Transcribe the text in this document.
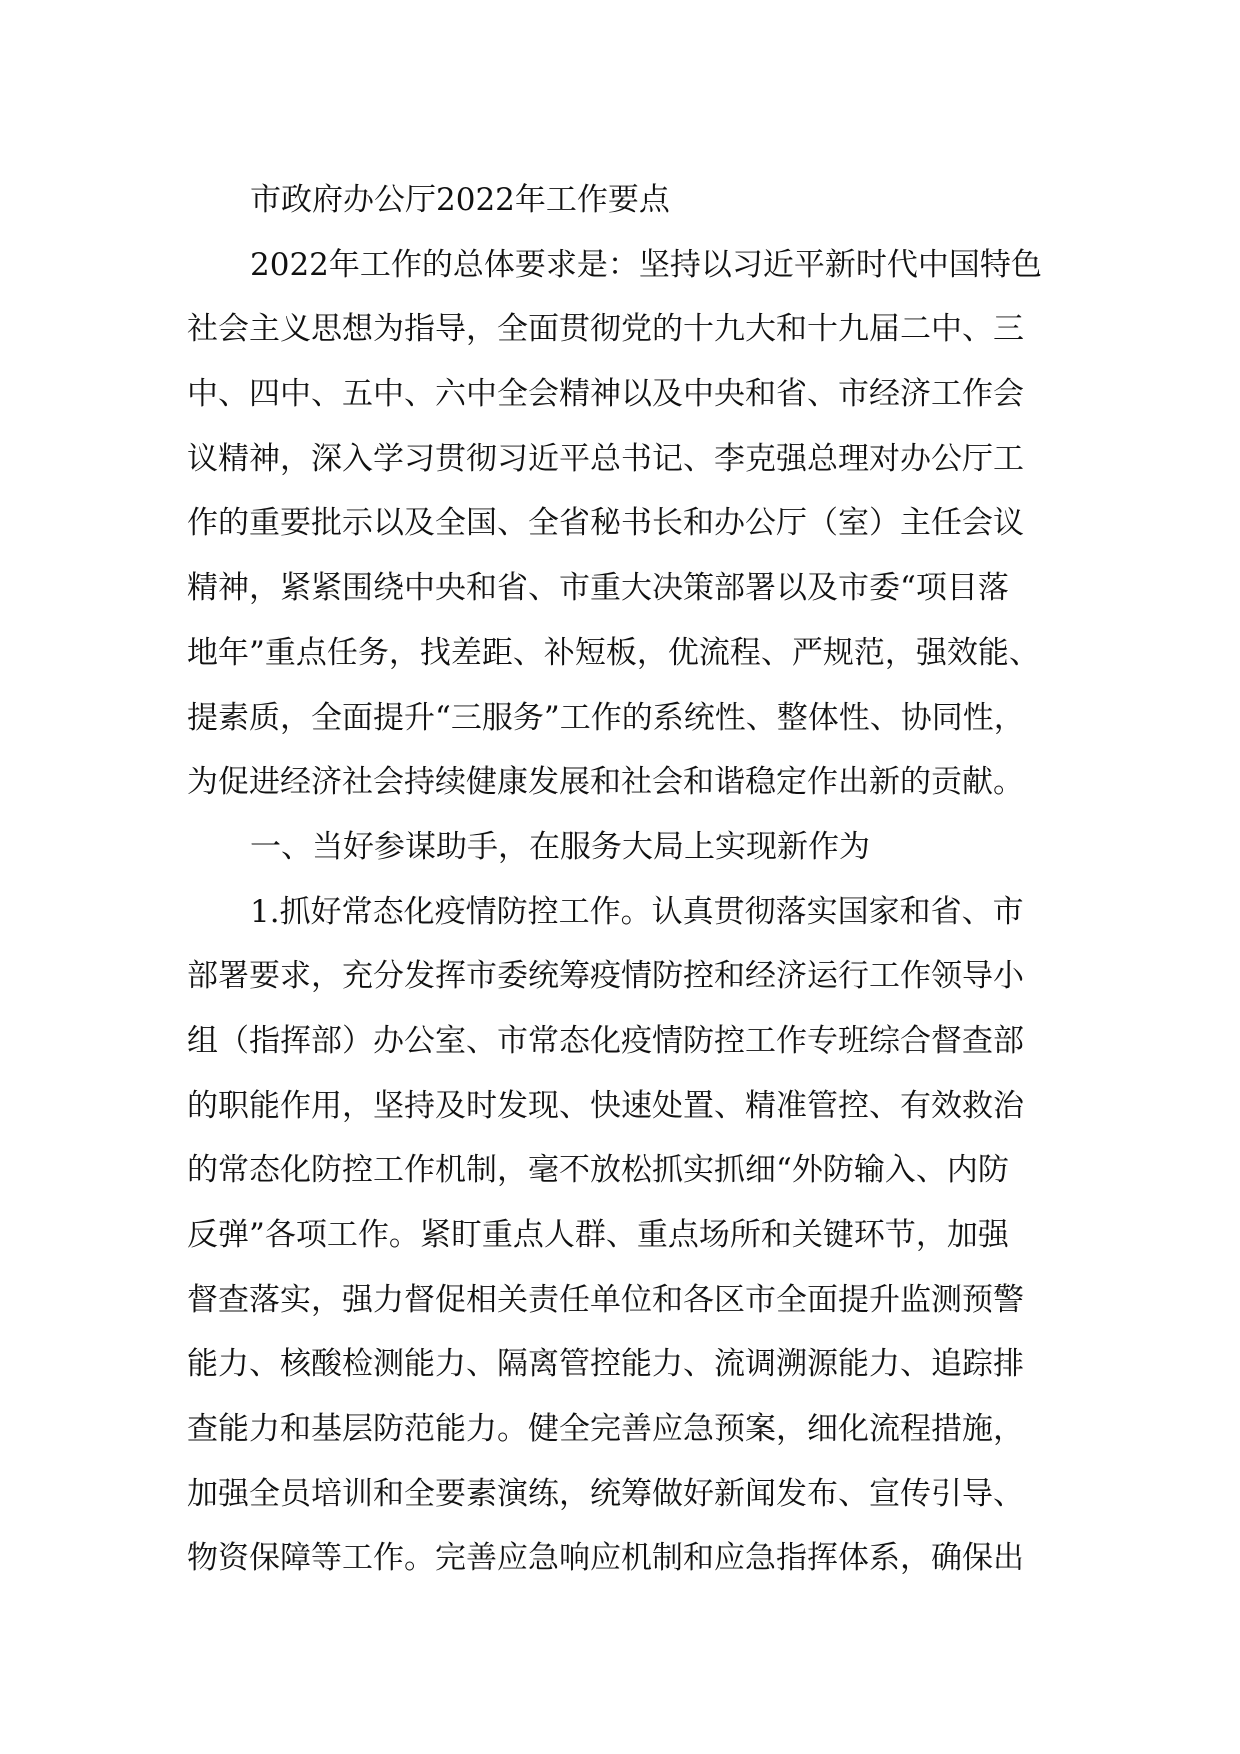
市政府办公厅2022年工作要点
2022年工作的总体要求是：坚持以习近平新时代中国特色
社会主义思想为指导，全面贯彻党的十九大和十九届二中、三
中、四中、五中、六中全会精神以及中央和省、市经济工作会
议精神，深入学习贯彻习近平总书记、李克强总理对办公厅工
作的重要批示以及全国、全省秘书长和办公厅（室）主任会议
精神，紧紧围绕中央和省、市重大决策部署以及市委“项目落
地年”重点任务，找差距、补短板，优流程、严规范，强效能、
提素质，全面提升“三服务”工作的系统性、整体性、协同性，
为促进经济社会持续健康发展和社会和谐稳定作出新的贡献。
一、当好参谋助手，在服务大局上实现新作为
1.抓好常态化疫情防控工作。认真贯彻落实国家和省、市
部署要求，充分发挥市委统筹疫情防控和经济运行工作领导小
组（指挥部）办公室、市常态化疫情防控工作专班综合督查部
的职能作用，坚持及时发现、快速处置、精准管控、有效救治
的常态化防控工作机制，毫不放松抓实抓细“外防输入、内防
反弹”各项工作。紧盯重点人群、重点场所和关键环节，加强
督查落实，强力督促相关责任单位和各区市全面提升监测预警
能力、核酸检测能力、隔离管控能力、流调溯源能力、追踪排
查能力和基层防范能力。健全完善应急预案，细化流程措施，
加强全员培训和全要素演练，统筹做好新闻发布、宣传引导、
物资保障等工作。完善应急响应机制和应急指挥体系，确保出
